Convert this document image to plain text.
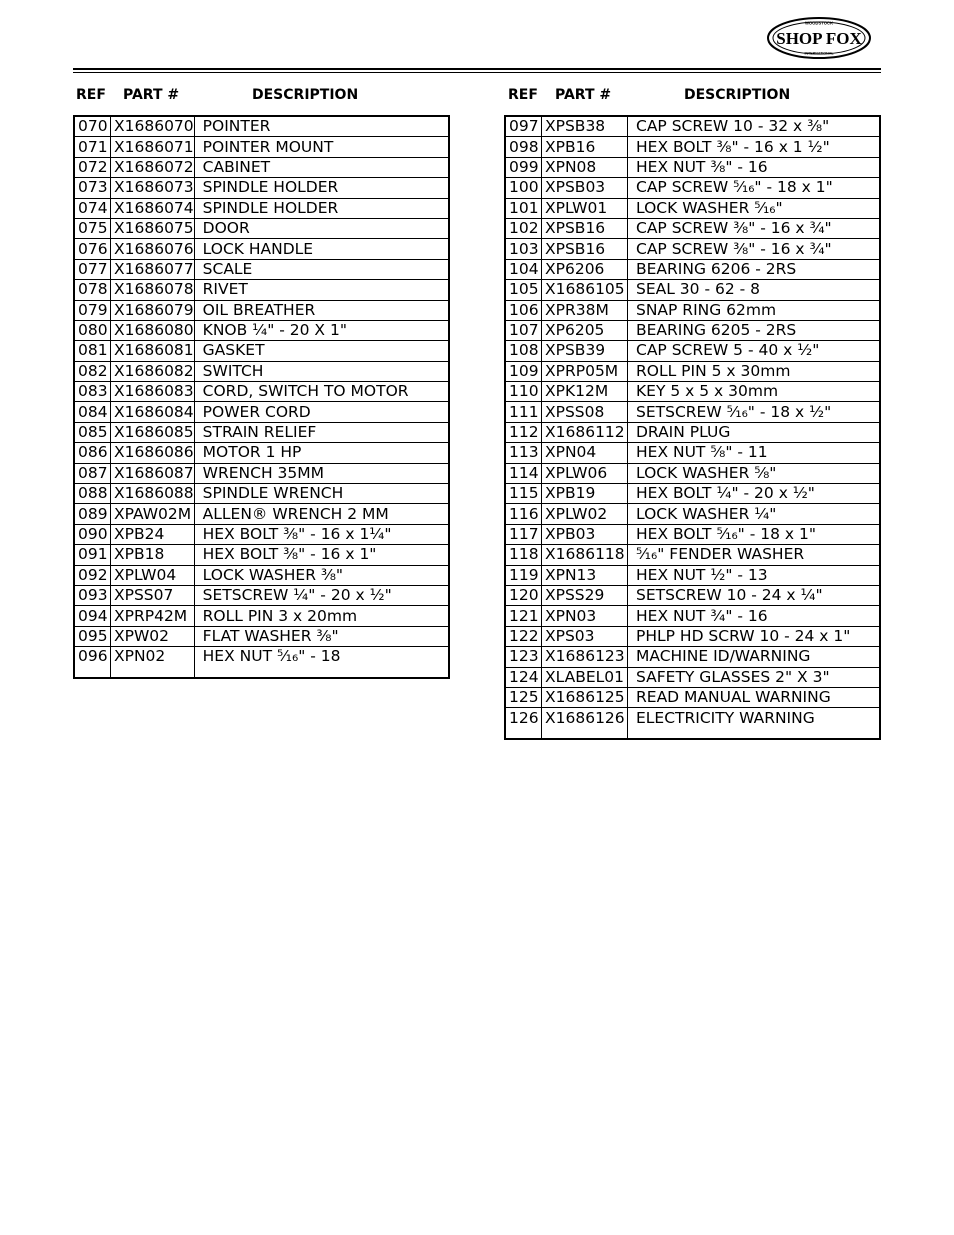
WOODSTOCK
SHOP FOX
INTERNATIONAL
REF PART #	DESCRIPTION	REF PART #	DESCRIPTION
070	X1686070	POINTER
071	X1686071	POINTER MOUNT
072	X1686072	CABINET
073	X1686073	SPINDLE HOLDER
074	X1686074	SPINDLE HOLDER
075	X1686075	DOOR
076	X1686076	LOCK HANDLE
077	X1686077	SCALE
078	X1686078	RIVET
079	X1686079	OIL BREATHER
080	X1686080	KNOB ¹⁄₄" - 20 X 1"
081	X1686081	GASKET
082	X1686082	SWITCH
083	X1686083	CORD, SWITCH TO MOTOR
084	X1686084	POWER CORD
085	X1686085	STRAIN RELIEF
086	X1686086	MOTOR 1 HP
087	X1686087	WRENCH 35MM
088	X1686088	SPINDLE WRENCH
089	XPAW02M	ALLEN® WRENCH 2 MM
090	XPB24	HEX BOLT ³⁄₈" - 16 x 1¹⁄₄"
091	XPB18	HEX BOLT ³⁄₈" - 16 x 1"
092	XPLW04	LOCK WASHER ³⁄₈"
093	XPSS07	SETSCREW ¹⁄₄" - 20 x ¹⁄₂"
094	XPRP42M	ROLL PIN 3 x 20mm
095	XPW02	FLAT WASHER ³⁄₈"
096	XPN02	HEX NUT ⁵⁄₁₆" - 18
097	XPSB38	CAP SCREW 10 - 32 x ³⁄₈"
098	XPB16	HEX BOLT ³⁄₈" - 16 x 1 ¹⁄₂"
099	XPN08	HEX NUT ³⁄₈" - 16
100	XPSB03	CAP SCREW ⁵⁄₁₆" - 18 x 1"
101	XPLW01	LOCK WASHER ⁵⁄₁₆"
102	XPSB16	CAP SCREW ³⁄₈" - 16 x ³⁄₄"
103	XPSB16	CAP SCREW ³⁄₈" - 16 x ³⁄₄"
104	XP6206	BEARING 6206 - 2RS
105	X1686105	SEAL 30 - 62 - 8
106	XPR38M	SNAP RING 62mm
107	XP6205	BEARING 6205 - 2RS
108	XPSB39	CAP SCREW 5 - 40 x ¹⁄₂"
109	XPRP05M	ROLL PIN 5 x 30mm
110	XPK12M	KEY 5 x 5 x 30mm
111	XPSS08	SETSCREW ⁵⁄₁₆" - 18 x ¹⁄₂"
112	X1686112	DRAIN PLUG
113	XPN04	HEX NUT ⁵⁄₈" - 11
114	XPLW06	LOCK WASHER ⁵⁄₈"
115	XPB19	HEX BOLT ¹⁄₄" - 20 x ¹⁄₂"
116	XPLW02	LOCK WASHER ¹⁄₄"
117	XPB03	HEX BOLT ⁵⁄₁₆" - 18 x 1"
118	X1686118	⁵⁄₁₆" FENDER WASHER
119	XPN13	HEX NUT ¹⁄₂" - 13
120	XPSS29	SETSCREW 10 - 24 x ¹⁄₄"
121	XPN03	HEX NUT ³⁄₄" - 16
122	XPS03	PHLP HD SCRW 10 - 24 x 1"
123	X1686123	MACHINE ID/WARNING
124	XLABEL01	SAFETY GLASSES 2" X 3"
125	X1686125	READ MANUAL WARNING
126	X1686126	ELECTRICITY WARNING
